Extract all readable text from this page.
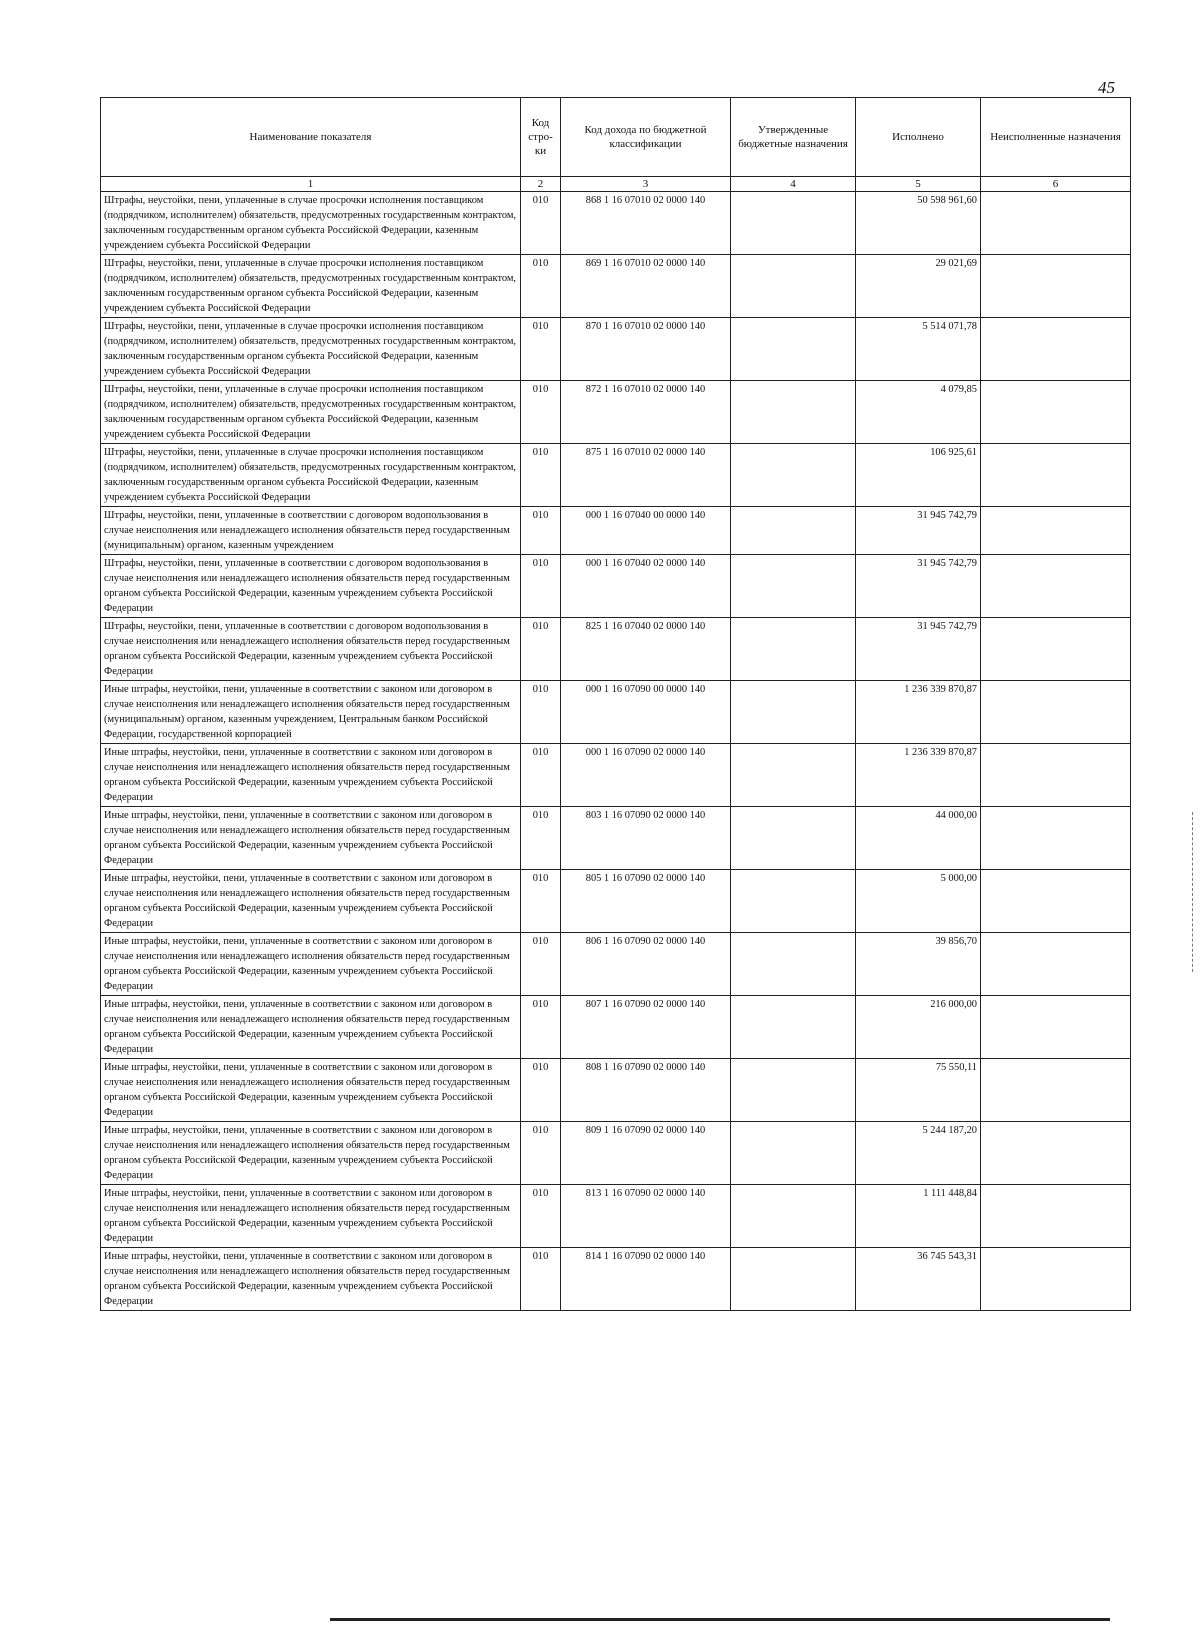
45
Наименование показателя	Код стро- ки	Код дохода по бюджетной классификации	Утвержденные бюджетные назначения	Исполнено	Неисполненные назначения
1	2	3	4	5	6
Штрафы, неустойки, пени, уплаченные в случае просрочки исполнения поставщиком (подрядчиком, исполнителем) обязательств, предусмотренных государственным контрактом, заключенным государственным органом субъекта Российской Федерации, казенным учреждением субъекта Российской Федерации	010	868 1 16 07010 02 0000 140		50 598 961,60	
Штрафы, неустойки, пени, уплаченные в случае просрочки исполнения поставщиком (подрядчиком, исполнителем) обязательств, предусмотренных государственным контрактом, заключенным государственным органом субъекта Российской Федерации, казенным учреждением субъекта Российской Федерации	010	869 1 16 07010 02 0000 140		29 021,69	
Штрафы, неустойки, пени, уплаченные в случае просрочки исполнения поставщиком (подрядчиком, исполнителем) обязательств, предусмотренных государственным контрактом, заключенным государственным органом субъекта Российской Федерации, казенным учреждением субъекта Российской Федерации	010	870 1 16 07010 02 0000 140		5 514 071,78	
Штрафы, неустойки, пени, уплаченные в случае просрочки исполнения поставщиком (подрядчиком, исполнителем) обязательств, предусмотренных государственным контрактом, заключенным государственным органом субъекта Российской Федерации, казенным учреждением субъекта Российской Федерации	010	872 1 16 07010 02 0000 140		4 079,85	
Штрафы, неустойки, пени, уплаченные в случае просрочки исполнения поставщиком (подрядчиком, исполнителем) обязательств, предусмотренных государственным контрактом, заключенным государственным органом субъекта Российской Федерации, казенным учреждением субъекта Российской Федерации	010	875 1 16 07010 02 0000 140		106 925,61	
Штрафы, неустойки, пени, уплаченные в соответствии с договором водопользования в случае неисполнения или ненадлежащего исполнения обязательств перед государственным (муниципальным) органом, казенным учреждением	010	000 1 16 07040 00 0000 140		31 945 742,79	
Штрафы, неустойки, пени, уплаченные в соответствии с договором водопользования в случае неисполнения или ненадлежащего исполнения обязательств перед государственным органом субъекта Российской Федерации, казенным учреждением субъекта Российской Федерации	010	000 1 16 07040 02 0000 140		31 945 742,79	
Штрафы, неустойки, пени, уплаченные в соответствии с договором водопользования в случае неисполнения или ненадлежащего исполнения обязательств перед государственным органом субъекта Российской Федерации, казенным учреждением субъекта Российской Федерации	010	825 1 16 07040 02 0000 140		31 945 742,79	
Иные штрафы, неустойки, пени, уплаченные в соответствии с законом или договором в случае неисполнения или ненадлежащего исполнения обязательств перед государственным (муниципальным) органом, казенным учреждением, Центральным банком Российской Федерации, государственной корпорацией	010	000 1 16 07090 00 0000 140		1 236 339 870,87	
Иные штрафы, неустойки, пени, уплаченные в соответствии с законом или договором в случае неисполнения или ненадлежащего исполнения обязательств перед государственным органом субъекта Российской Федерации, казенным учреждением субъекта Российской Федерации	010	000 1 16 07090 02 0000 140		1 236 339 870,87	
Иные штрафы, неустойки, пени, уплаченные в соответствии с законом или договором в случае неисполнения или ненадлежащего исполнения обязательств перед государственным органом субъекта Российской Федерации, казенным учреждением субъекта Российской Федерации	010	803 1 16 07090 02 0000 140		44 000,00	
Иные штрафы, неустойки, пени, уплаченные в соответствии с законом или договором в случае неисполнения или ненадлежащего исполнения обязательств перед государственным органом субъекта Российской Федерации, казенным учреждением субъекта Российской Федерации	010	805 1 16 07090 02 0000 140		5 000,00	
Иные штрафы, неустойки, пени, уплаченные в соответствии с законом или договором в случае неисполнения или ненадлежащего исполнения обязательств перед государственным органом субъекта Российской Федерации, казенным учреждением субъекта Российской Федерации	010	806 1 16 07090 02 0000 140		39 856,70	
Иные штрафы, неустойки, пени, уплаченные в соответствии с законом или договором в случае неисполнения или ненадлежащего исполнения обязательств перед государственным органом субъекта Российской Федерации, казенным учреждением субъекта Российской Федерации	010	807 1 16 07090 02 0000 140		216 000,00	
Иные штрафы, неустойки, пени, уплаченные в соответствии с законом или договором в случае неисполнения или ненадлежащего исполнения обязательств перед государственным органом субъекта Российской Федерации, казенным учреждением субъекта Российской Федерации	010	808 1 16 07090 02 0000 140		75 550,11	
Иные штрафы, неустойки, пени, уплаченные в соответствии с законом или договором в случае неисполнения или ненадлежащего исполнения обязательств перед государственным органом субъекта Российской Федерации, казенным учреждением субъекта Российской Федерации	010	809 1 16 07090 02 0000 140		5 244 187,20	
Иные штрафы, неустойки, пени, уплаченные в соответствии с законом или договором в случае неисполнения или ненадлежащего исполнения обязательств перед государственным органом субъекта Российской Федерации, казенным учреждением субъекта Российской Федерации	010	813 1 16 07090 02 0000 140		1 111 448,84	
Иные штрафы, неустойки, пени, уплаченные в соответствии с законом или договором в случае неисполнения или ненадлежащего исполнения обязательств перед государственным органом субъекта Российской Федерации, казенным учреждением субъекта Российской Федерации	010	814 1 16 07090 02 0000 140		36 745 543,31	
